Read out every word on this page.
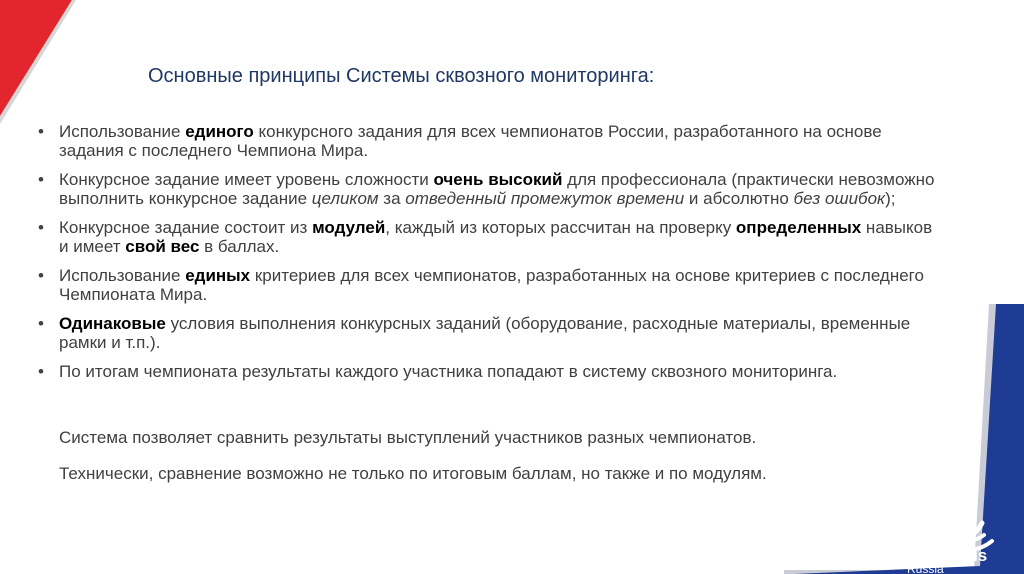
worldskills
Russia
Основные принципы Системы сквозного мониторинга:
• Использование единого конкурсного задания для всех чемпионатов России, разработанного на основе задания с последнего Чемпиона Мира.
• Конкурсное задание имеет уровень сложности очень высокий для профессионала (практически невозможно выполнить конкурсное задание целиком за отведенный промежуток времени и абсолютно без ошибок);
• Конкурсное задание состоит из модулей, каждый из которых рассчитан на проверку определенных навыков и имеет свой вес в баллах.
• Использование единых критериев для всех чемпионатов, разработанных на основе критериев с последнего Чемпионата Мира.
• Одинаковые условия выполнения конкурсных заданий (оборудование, расходные материалы, временные рамки и т.п.).
• По итогам чемпионата результаты каждого участника попадают в систему сквозного мониторинга.
Система позволяет сравнить результаты выступлений участников разных чемпионатов.
Технически, сравнение возможно не только по итоговым баллам, но также и по модулям.
